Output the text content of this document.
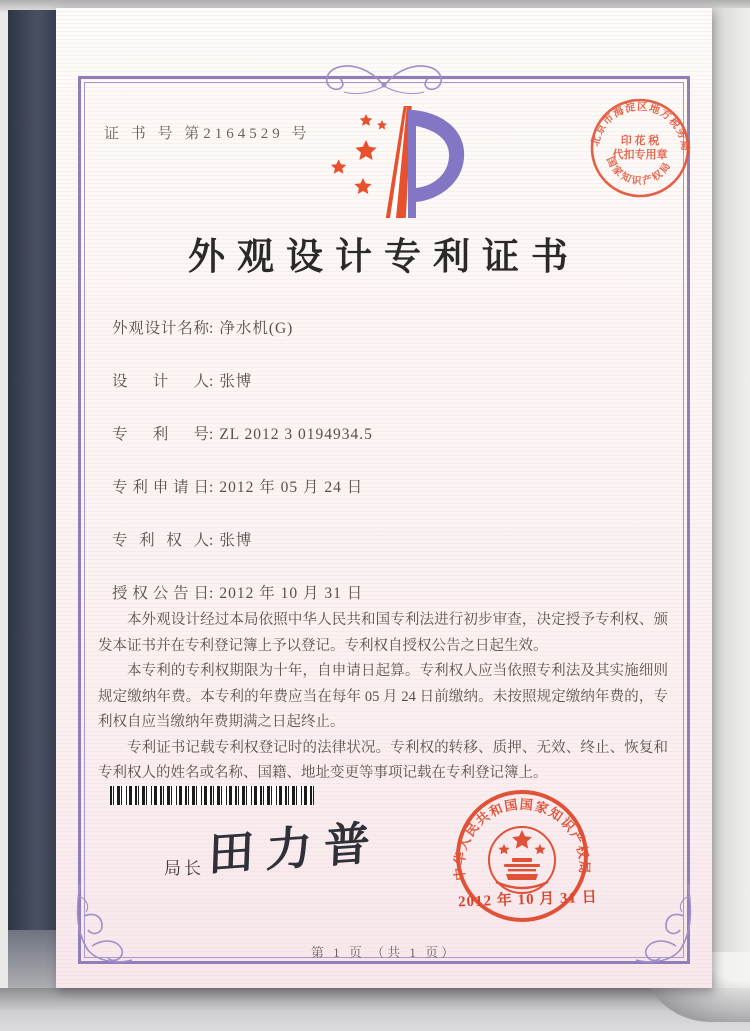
证 书 号 第2164529 号
外观设计专利证书
外观设计名称: 净水机(G)
设计人: 张博
专利号: ZL 2012 3 0194934.5
专利申请日: 2012 年 05 月 24 日
专利权人: 张博
授权公告日: 2012 年 10 月 31 日

本外观设计经过本局依照中华人民共和国专利法进行初步审查，决定授予专利权、颁发本证书并在专利登记簿上予以登记。专利权自授权公告之日起生效。

本专利的专利权期限为十年，自申请日起算。专利权人应当依照专利法及其实施细则规定缴纳年费。本专利的年费应当在每年 05 月 24 日前缴纳。未按照规定缴纳年费的，专利权自应当缴纳年费期满之日起终止。

专利证书记载专利权登记时的法律状况。专利权的转移、质押、无效、终止、恢复和专利权人的姓名或名称、国籍、地址变更等事项记载在专利登记簿上。

局长 田力普
北京市海淀区地方税务局
印 花 税
代扣专用章
国家知识产权局
中华人民共和国国家知识产权局
2012 年 10 月 31 日
第 1 页 （共 1 页）
